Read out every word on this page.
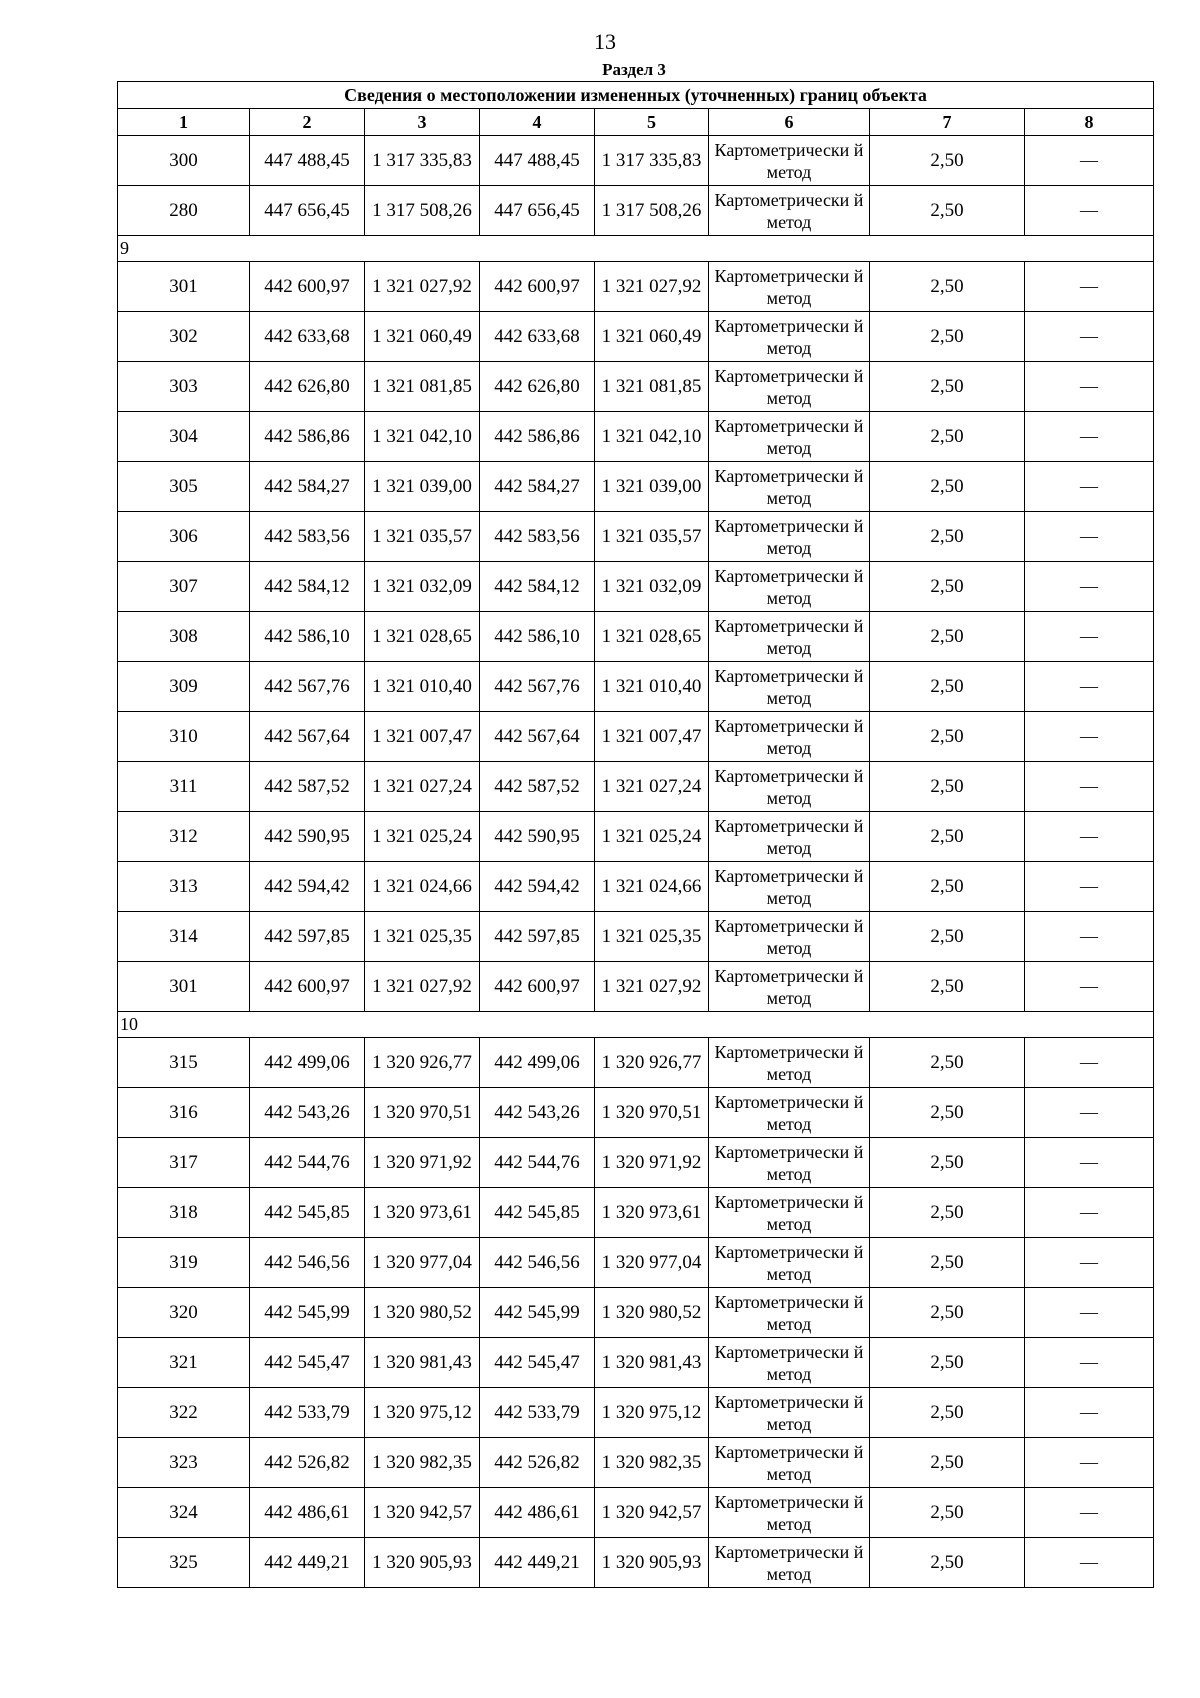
13
Раздел 3
Сведения о местоположении измененных (уточненных) границ объекта							
1	2	3	4	5	6	7	8
300	447 488,45	1 317 335,83	447 488,45	1 317 335,83	Картометрически й метод	2,50	—
280	447 656,45	1 317 508,26	447 656,45	1 317 508,26	Картометрически й метод	2,50	—
9							
301	442 600,97	1 321 027,92	442 600,97	1 321 027,92	Картометрически й метод	2,50	—
302	442 633,68	1 321 060,49	442 633,68	1 321 060,49	Картометрически й метод	2,50	—
303	442 626,80	1 321 081,85	442 626,80	1 321 081,85	Картометрически й метод	2,50	—
304	442 586,86	1 321 042,10	442 586,86	1 321 042,10	Картометрически й метод	2,50	—
305	442 584,27	1 321 039,00	442 584,27	1 321 039,00	Картометрически й метод	2,50	—
306	442 583,56	1 321 035,57	442 583,56	1 321 035,57	Картометрически й метод	2,50	—
307	442 584,12	1 321 032,09	442 584,12	1 321 032,09	Картометрически й метод	2,50	—
308	442 586,10	1 321 028,65	442 586,10	1 321 028,65	Картометрически й метод	2,50	—
309	442 567,76	1 321 010,40	442 567,76	1 321 010,40	Картометрически й метод	2,50	—
310	442 567,64	1 321 007,47	442 567,64	1 321 007,47	Картометрически й метод	2,50	—
311	442 587,52	1 321 027,24	442 587,52	1 321 027,24	Картометрически й метод	2,50	—
312	442 590,95	1 321 025,24	442 590,95	1 321 025,24	Картометрически й метод	2,50	—
313	442 594,42	1 321 024,66	442 594,42	1 321 024,66	Картометрически й метод	2,50	—
314	442 597,85	1 321 025,35	442 597,85	1 321 025,35	Картометрически й метод	2,50	—
301	442 600,97	1 321 027,92	442 600,97	1 321 027,92	Картометрически й метод	2,50	—
10							
315	442 499,06	1 320 926,77	442 499,06	1 320 926,77	Картометрически й метод	2,50	—
316	442 543,26	1 320 970,51	442 543,26	1 320 970,51	Картометрически й метод	2,50	—
317	442 544,76	1 320 971,92	442 544,76	1 320 971,92	Картометрически й метод	2,50	—
318	442 545,85	1 320 973,61	442 545,85	1 320 973,61	Картометрически й метод	2,50	—
319	442 546,56	1 320 977,04	442 546,56	1 320 977,04	Картометрически й метод	2,50	—
320	442 545,99	1 320 980,52	442 545,99	1 320 980,52	Картометрически й метод	2,50	—
321	442 545,47	1 320 981,43	442 545,47	1 320 981,43	Картометрически й метод	2,50	—
322	442 533,79	1 320 975,12	442 533,79	1 320 975,12	Картометрически й метод	2,50	—
323	442 526,82	1 320 982,35	442 526,82	1 320 982,35	Картометрически й метод	2,50	—
324	442 486,61	1 320 942,57	442 486,61	1 320 942,57	Картометрически й метод	2,50	—
325	442 449,21	1 320 905,93	442 449,21	1 320 905,93	Картометрически й метод	2,50	—
